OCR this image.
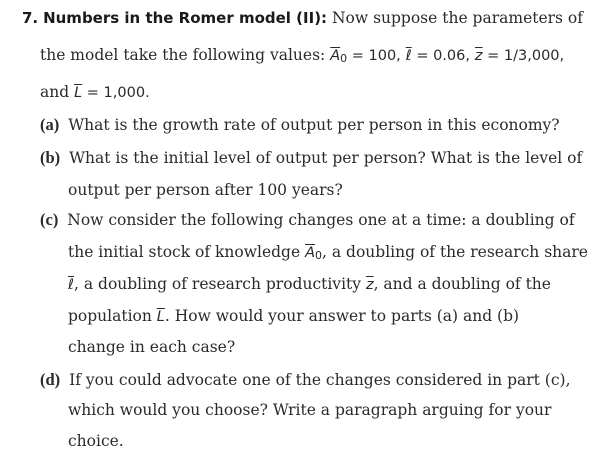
7. Numbers in the Romer model (II): Now suppose the parameters of
the model take the following values: $\overline{A}_0 = 100$, ℓ = 0.06, $\overline{z} = 1/3,000$,
and $\overline{L} = 1,000$.
(a) What is the growth rate of output per person in this economy?
(b) What is the initial level of output per person? What is the level of
output per person after 100 years?
(c) Now consider the following changes one at a time: a doubling of
the initial stock of knowledge $\overline{A}_0$, a doubling of the research share
ℓ, a doubling of research productivity $\overline{z}$, and a doubling of the
population $\overline{L}$. How would your answer to parts (a) and (b)
change in each case?
(d) If you could advocate one of the changes considered in part (c),
which would you choose? Write a paragraph arguing for your
choice.
